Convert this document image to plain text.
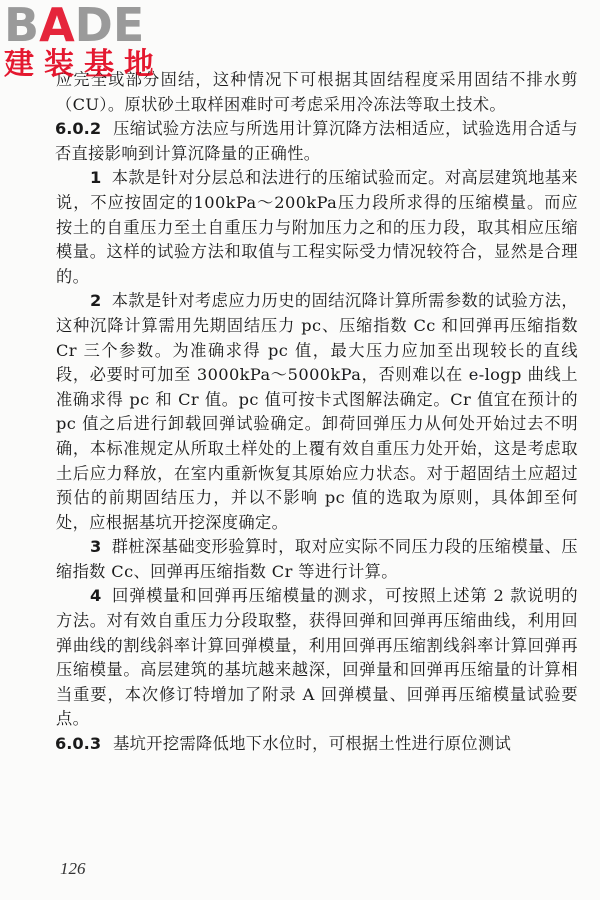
BADE
建装基地

应完全或部分固结，这种情况下可根据其固结程度采用固结不排水剪（CU）。原状砂土取样困难时可考虑采用冷冻法等取土技术。

6.0.2 压缩试验方法应与所选用计算沉降方法相适应，试验选用合适与否直接影响到计算沉降量的正确性。

1 本款是针对分层总和法进行的压缩试验而定。对高层建筑地基来说，不应按固定的100kPa～200kPa压力段所求得的压缩模量。而应按土的自重压力至土自重压力与附加压力之和的压力段，取其相应压缩模量。这样的试验方法和取值与工程实际受力情况较符合，显然是合理的。

2 本款是针对考虑应力历史的固结沉降计算所需参数的试验方法，这种沉降计算需用先期固结压力 pc、压缩指数 Cc 和回弹再压缩指数 Cr 三个参数。为准确求得 pc 值，最大压力应加至出现较长的直线段，必要时可加至 3000kPa～5000kPa，否则难以在 e-logp 曲线上准确求得 pc 和 Cr 值。pc 值可按卡式图解法确定。Cr 值宜在预计的 pc 值之后进行卸载回弹试验确定。卸荷回弹压力从何处开始过去不明确，本标准规定从所取土样处的上覆有效自重压力处开始，这是考虑取土后应力释放，在室内重新恢复其原始应力状态。对于超固结土应超过预估的前期固结压力，并以不影响 pc 值的选取为原则，具体卸至何处，应根据基坑开挖深度确定。

3 群桩深基础变形验算时，取对应实际不同压力段的压缩模量、压缩指数 Cc、回弹再压缩指数 Cr 等进行计算。

4 回弹模量和回弹再压缩模量的测求，可按照上述第 2 款说明的方法。对有效自重压力分段取整，获得回弹和回弹再压缩曲线，利用回弹曲线的割线斜率计算回弹模量，利用回弹再压缩割线斜率计算回弹再压缩模量。高层建筑的基坑越来越深，回弹量和回弹再压缩量的计算相当重要，本次修订特增加了附录 A 回弹模量、回弹再压缩模量试验要点。

6.0.3 基坑开挖需降低地下水位时，可根据土性进行原位测试

126
